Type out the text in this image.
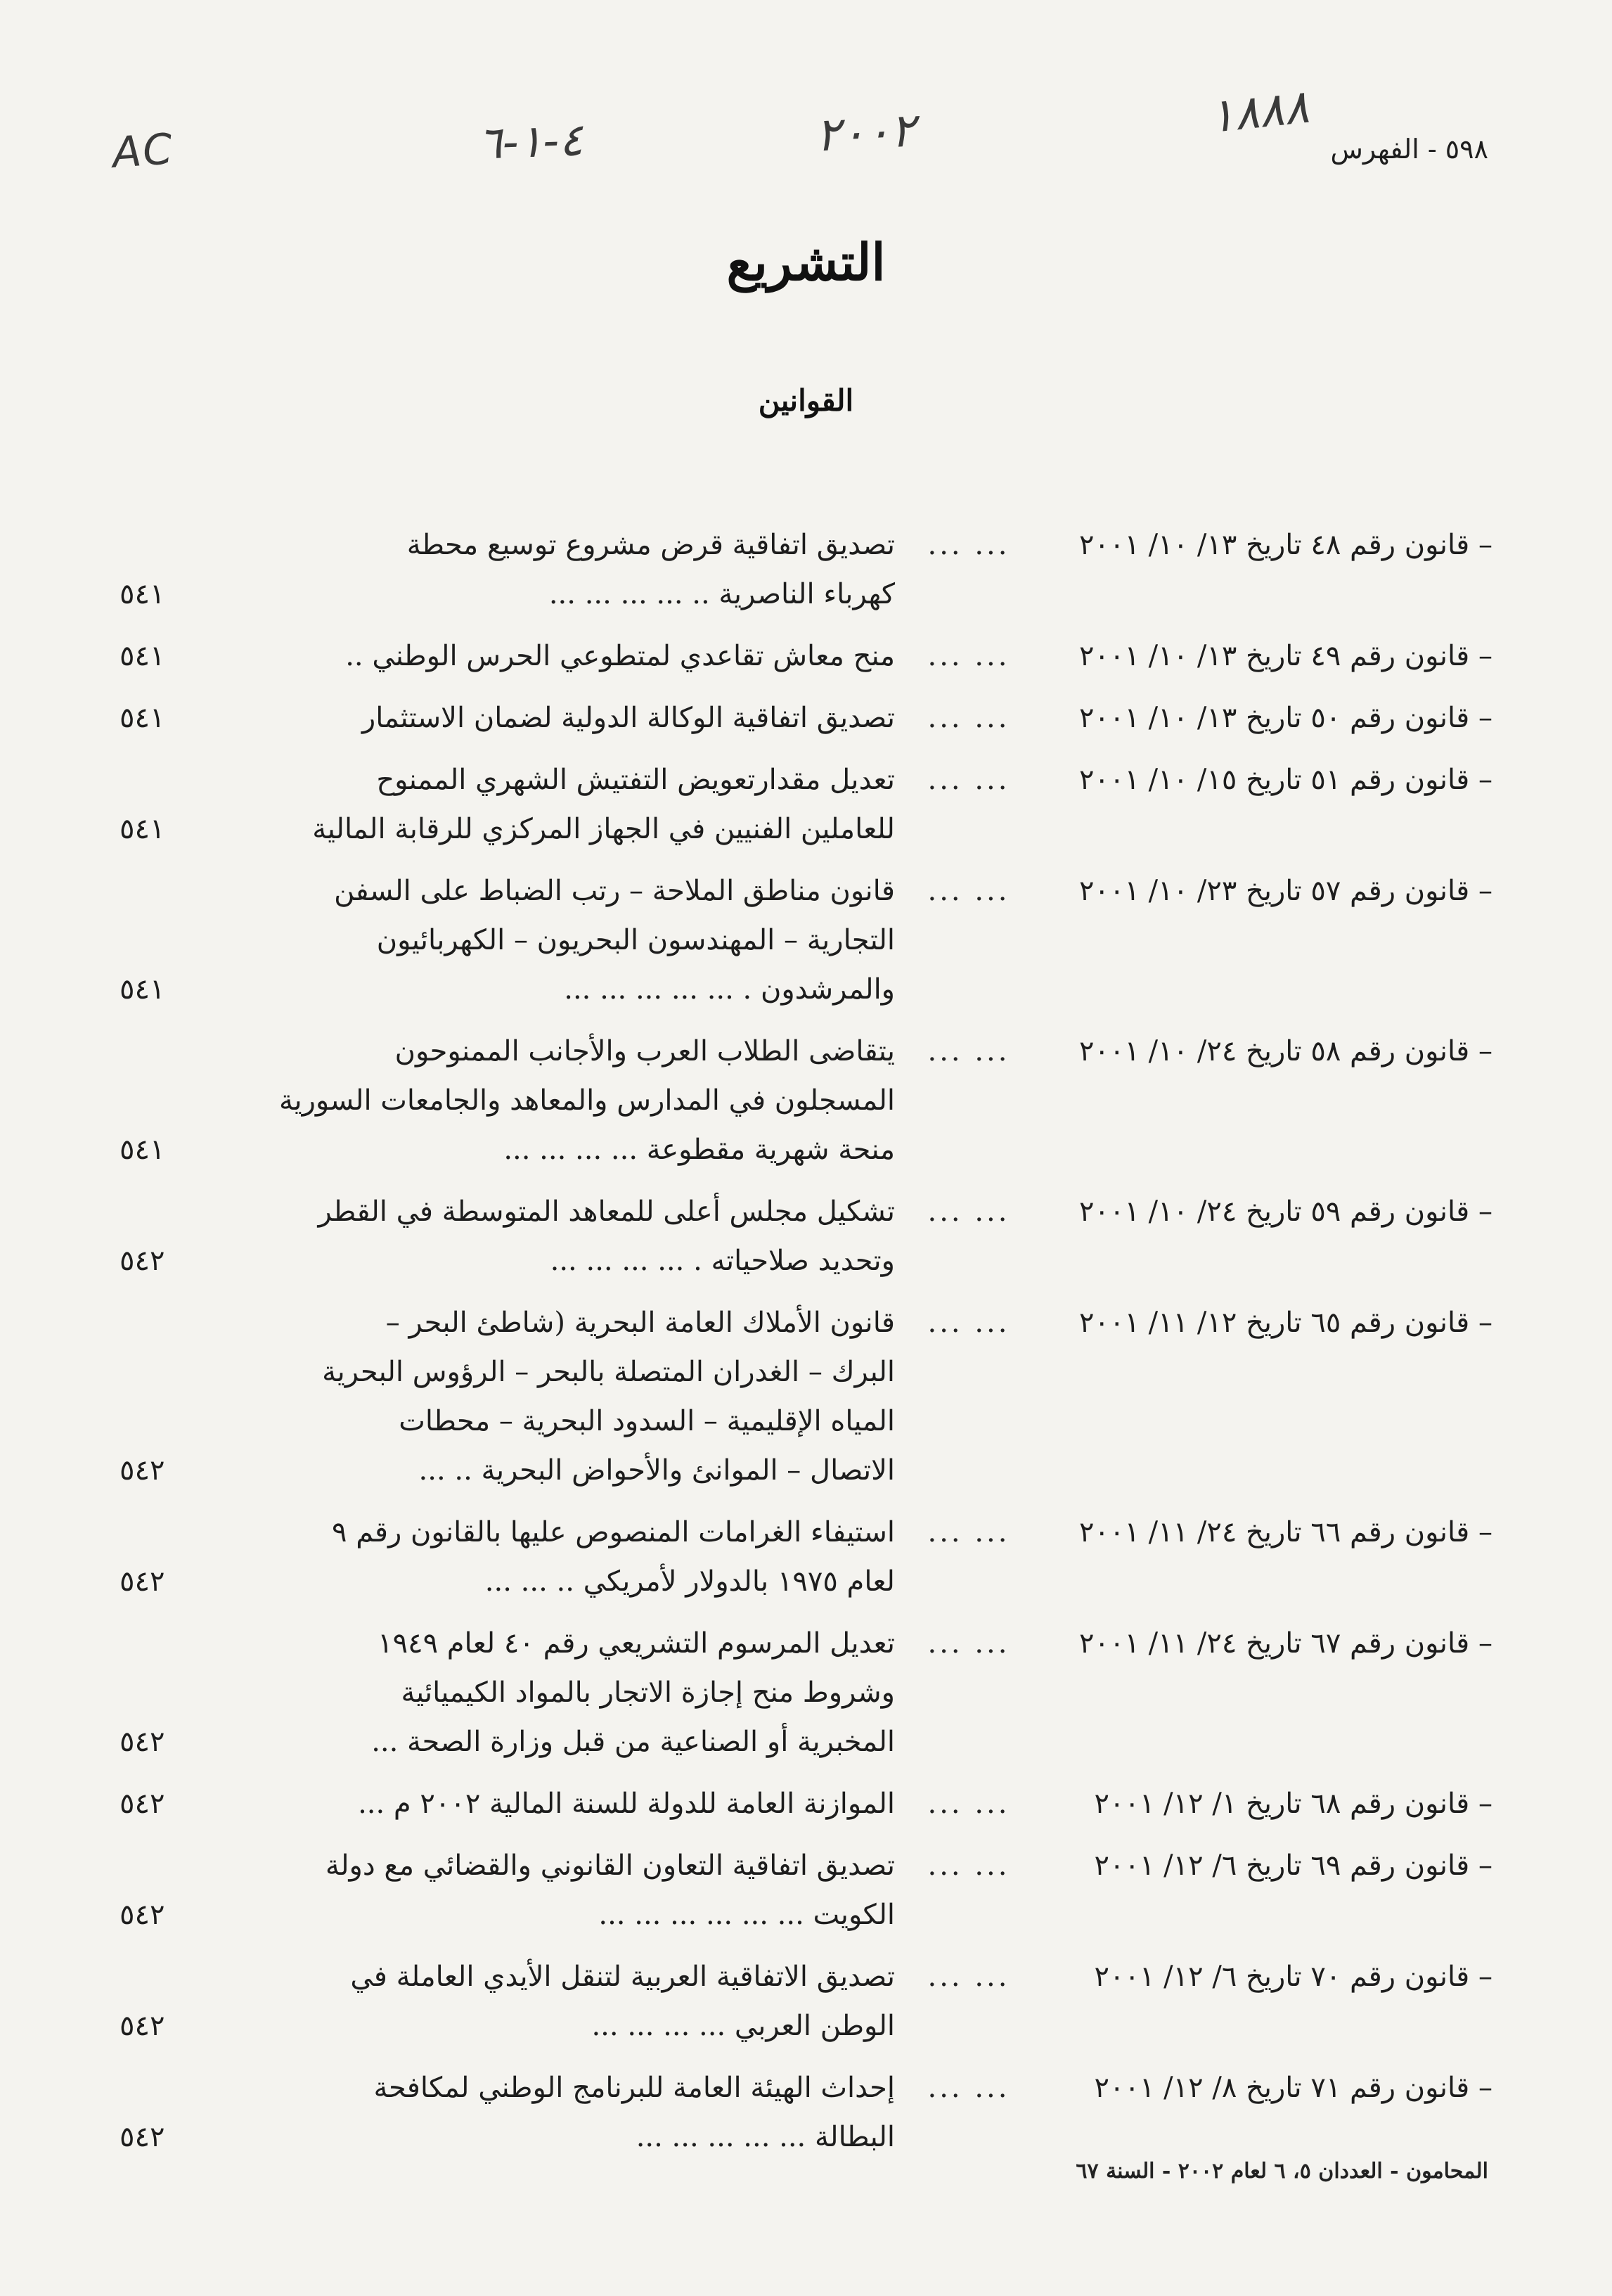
AC	٤-١-٦	٢٠٠٢	١٨٨٨
٥٩٨ - الفهرس
التشريع
القوانين
– قانون رقم ٤٨ تاريخ ١٣/ ١٠/ ٢٠٠١
... ...
تصديق اتفاقية قرض مشروع توسيع محطة
كهرباء الناصرية .. ... ... ... ...
٥٤١
– قانون رقم ٤٩ تاريخ ١٣/ ١٠/ ٢٠٠١
... ...
منح معاش تقاعدي لمتطوعي الحرس الوطني ..
٥٤١
– قانون رقم ٥٠ تاريخ ١٣/ ١٠/ ٢٠٠١
... ...
تصديق اتفاقية الوكالة الدولية لضمان الاستثمار
٥٤١
– قانون رقم ٥١ تاريخ ١٥/ ١٠/ ٢٠٠١
... ...
تعديل مقدارتعويض التفتيش الشهري الممنوح
للعاملين الفنيين في الجهاز المركزي للرقابة المالية
٥٤١
– قانون رقم ٥٧ تاريخ ٢٣/ ١٠/ ٢٠٠١
... ...
قانون مناطق الملاحة – رتب الضباط على السفن
التجارية – المهندسون البحريون – الكهربائيون
والمرشدون . ... ... ... ... ...
٥٤١
– قانون رقم ٥٨ تاريخ ٢٤/ ١٠/ ٢٠٠١
... ...
يتقاضى الطلاب العرب والأجانب الممنوحون
المسجلون في المدارس والمعاهد والجامعات السورية
منحة شهرية مقطوعة ... ... ... ...
٥٤١
– قانون رقم ٥٩ تاريخ ٢٤/ ١٠/ ٢٠٠١
... ...
تشكيل مجلس أعلى للمعاهد المتوسطة في القطر
وتحديد صلاحياته . ... ... ... ...
٥٤٢
– قانون رقم ٦٥ تاريخ ١٢/ ١١/ ٢٠٠١
... ...
قانون الأملاك العامة البحرية (شاطئ البحر –
البرك – الغدران المتصلة بالبحر – الرؤوس البحرية
المياه الإقليمية – السدود البحرية – محطات
الاتصال – الموانئ والأحواض البحرية .. ...
٥٤٢
– قانون رقم ٦٦ تاريخ ٢٤/ ١١/ ٢٠٠١
... ...
استيفاء الغرامات المنصوص عليها بالقانون رقم ٩
لعام ١٩٧٥ بالدولار لأمريكي .. ... ...
٥٤٢
– قانون رقم ٦٧ تاريخ ٢٤/ ١١/ ٢٠٠١
... ...
تعديل المرسوم التشريعي رقم ٤٠ لعام ١٩٤٩
وشروط منح إجازة الاتجار بالمواد الكيميائية
المخبرية أو الصناعية من قبل وزارة الصحة ...
٥٤٢
– قانون رقم ٦٨ تاريخ ١/ ١٢/ ٢٠٠١
... ...
الموازنة العامة للدولة للسنة المالية ٢٠٠٢ م ...
٥٤٢
– قانون رقم ٦٩ تاريخ ٦/ ١٢/ ٢٠٠١
... ...
تصديق اتفاقية التعاون القانوني والقضائي مع دولة
الكويت ... ... ... ... ... ...
٥٤٢
– قانون رقم ٧٠ تاريخ ٦/ ١٢/ ٢٠٠١
... ...
تصديق الاتفاقية العربية لتنقل الأيدي العاملة في
الوطن العربي ... ... ... ...
٥٤٢
– قانون رقم ٧١ تاريخ ٨/ ١٢/ ٢٠٠١
... ...
إحداث الهيئة العامة للبرنامج الوطني لمكافحة
البطالة ... ... ... ... ...
٥٤٢
المحامون - العددان ٥، ٦ لعام ٢٠٠٢ - السنة ٦٧
